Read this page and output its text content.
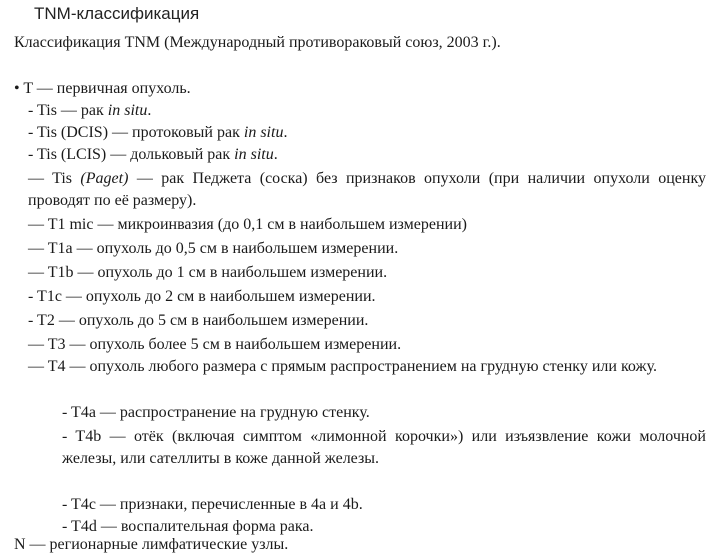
TNM-классификация
Классификация TNM (Международный противораковый союз, 2003 г.).
• T — первичная опухоль.
- Tis — рак in situ.
- Tis (DCIS) — протоковый рак in situ.
- Tis (LCIS) — дольковый рак in situ.
— Tis (Paget) — рак Педжета (соска) без признаков опухоли (при наличии опухоли оценку проводят по её размеру).
— T1 mic — микроинвазия (до 0,1 см в наибольшем измерении)
— T1a — опухоль до 0,5 см в наибольшем измерении.
— T1b — опухоль до 1 см в наибольшем измерении.
- T1c — опухоль до 2 см в наибольшем измерении.
- T2 — опухоль до 5 см в наибольшем измерении.
— T3 — опухоль более 5 см в наибольшем измерении.
— T4 — опухоль любого размера с прямым распространением на грудную стенку или кожу.
- T4a — распространение на грудную стенку.
- T4b — отёк (включая симптом «лимонной корочки») или изъязвление кожи молочной железы, или сателлиты в коже данной железы.
- T4c — признаки, перечисленные в 4a и 4b.
- T4d — воспалительная форма рака.
N — регионарные лимфатические узлы.
